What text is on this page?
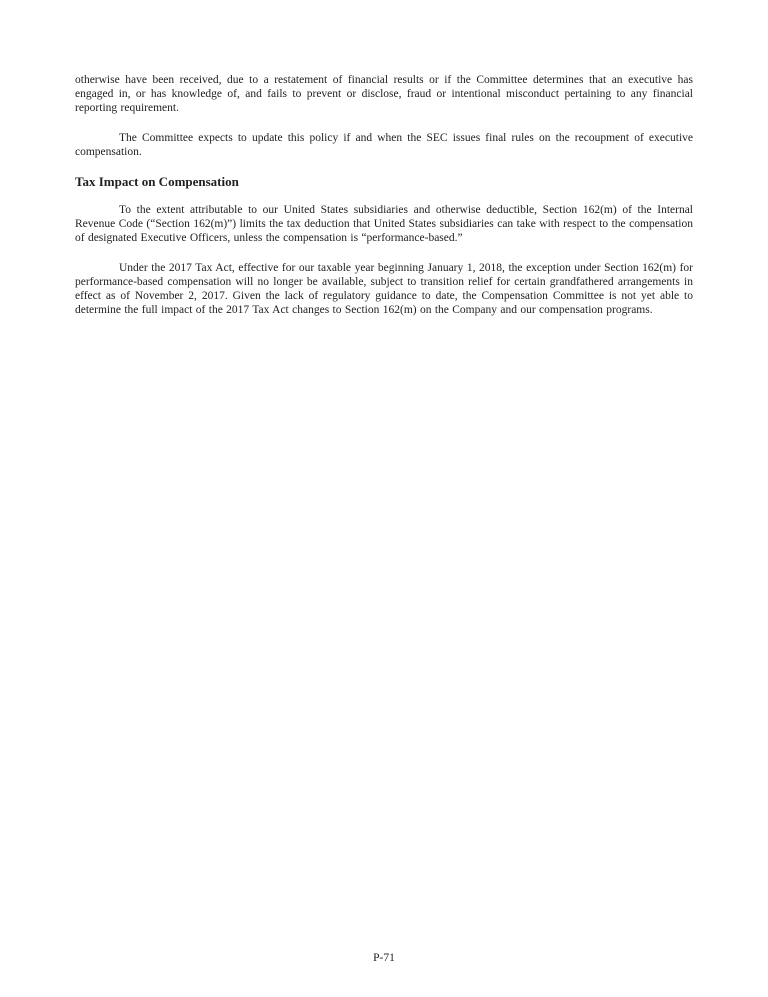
otherwise have been received, due to a restatement of financial results or if the Committee determines that an executive has engaged in, or has knowledge of, and fails to prevent or disclose, fraud or intentional misconduct pertaining to any financial reporting requirement.

The Committee expects to update this policy if and when the SEC issues final rules on the recoupment of executive compensation.

Tax Impact on Compensation

To the extent attributable to our United States subsidiaries and otherwise deductible, Section 162(m) of the Internal Revenue Code (“Section 162(m)”) limits the tax deduction that United States subsidiaries can take with respect to the compensation of designated Executive Officers, unless the compensation is “performance-based.”

Under the 2017 Tax Act, effective for our taxable year beginning January 1, 2018, the exception under Section 162(m) for performance-based compensation will no longer be available, subject to transition relief for certain grandfathered arrangements in effect as of November 2, 2017. Given the lack of regulatory guidance to date, the Compensation Committee is not yet able to determine the full impact of the 2017 Tax Act changes to Section 162(m) on the Company and our compensation programs.

P-71
